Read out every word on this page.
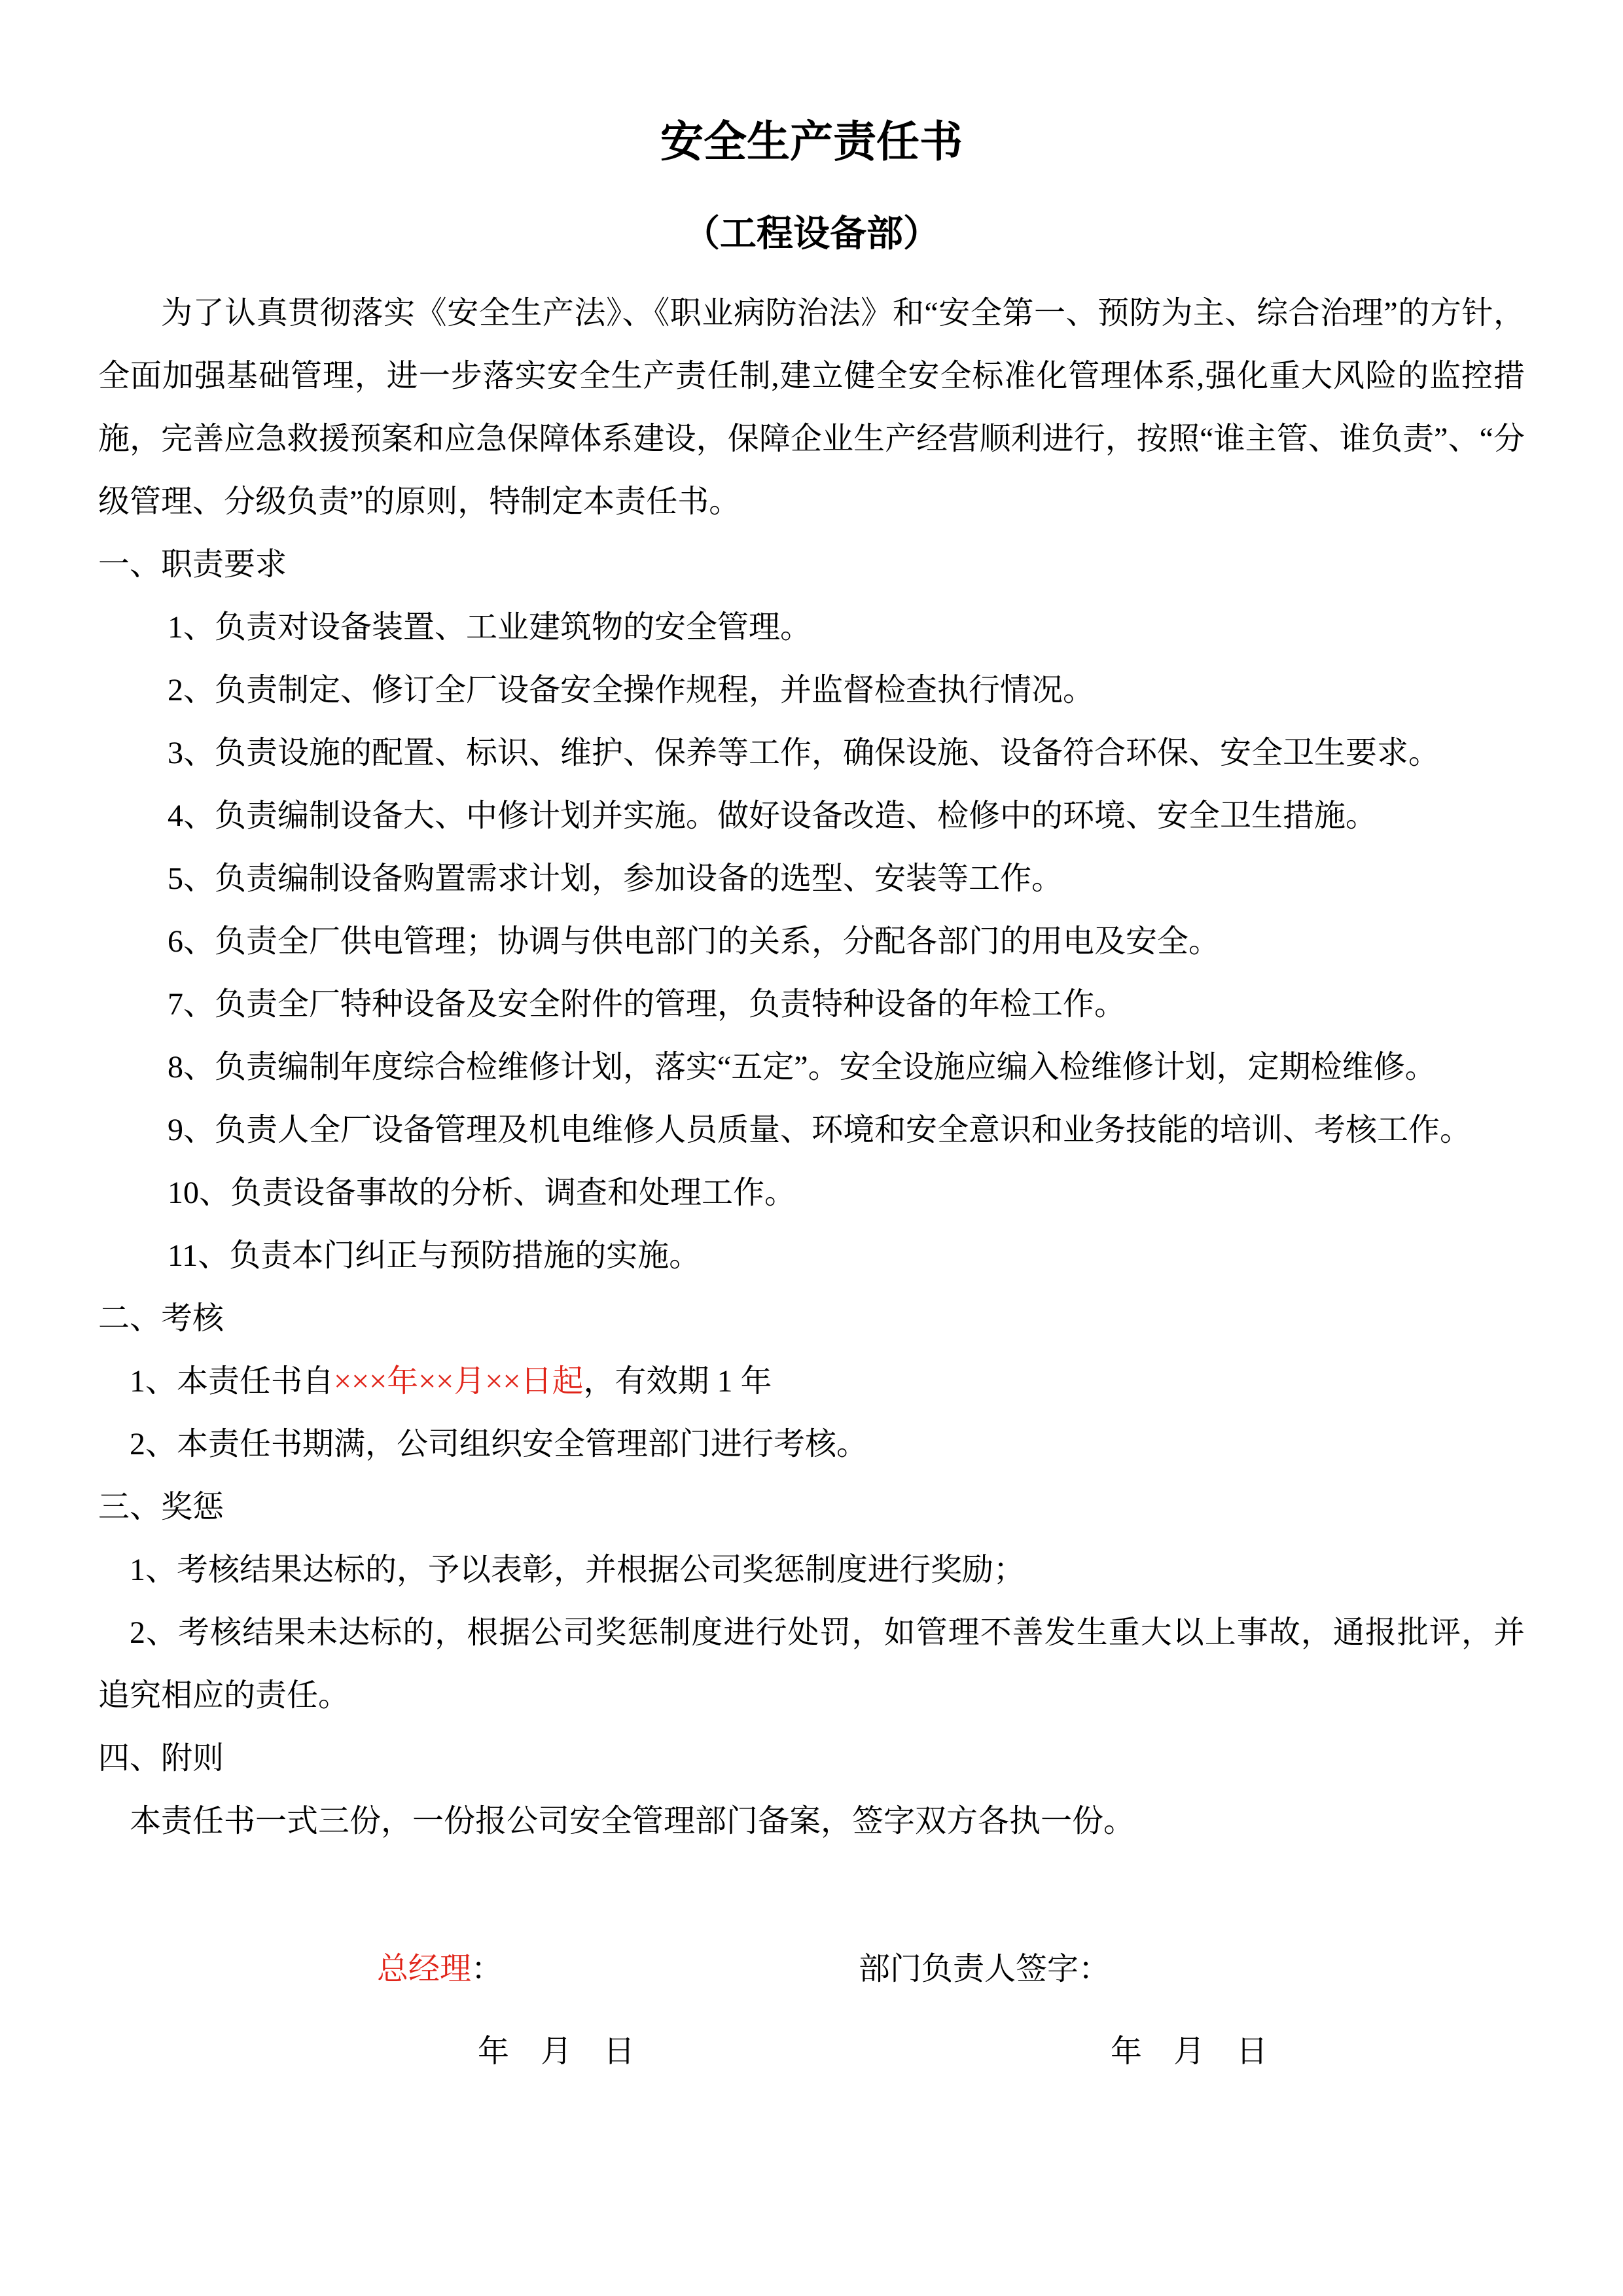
安全生产责任书
（工程设备部）

为了认真贯彻落实《安全生产法》、《职业病防治法》和“安全第一、预防为主、综合治理”的方针，全面加强基础管理，进一步落实安全生产责任制,建立健全安全标准化管理体系,强化重大风险的监控措施，完善应急救援预案和应急保障体系建设，保障企业生产经营顺利进行，按照“谁主管、谁负责”、“分级管理、分级负责”的原则，特制定本责任书。

一、职责要求
1、负责对设备装置、工业建筑物的安全管理。
2、负责制定、修订全厂设备安全操作规程，并监督检查执行情况。
3、负责设施的配置、标识、维护、保养等工作，确保设施、设备符合环保、安全卫生要求。
4、负责编制设备大、中修计划并实施。做好设备改造、检修中的环境、安全卫生措施。
5、负责编制设备购置需求计划，参加设备的选型、安装等工作。
6、负责全厂供电管理；协调与供电部门的关系，分配各部门的用电及安全。
7、负责全厂特种设备及安全附件的管理，负责特种设备的年检工作。
8、负责编制年度综合检维修计划，落实“五定”。安全设施应编入检维修计划，定期检维修。
9、负责人全厂设备管理及机电维修人员质量、环境和安全意识和业务技能的培训、考核工作。
10、负责设备事故的分析、调查和处理工作。
11、负责本门纠正与预防措施的实施。
二、考核
1、本责任书自×××年××月××日起，有效期 1 年
2、本责任书期满，公司组织安全管理部门进行考核。
三、奖惩
1、考核结果达标的，予以表彰，并根据公司奖惩制度进行奖励；
2、考核结果未达标的，根据公司奖惩制度进行处罚，如管理不善发生重大以上事故，通报批评，并追究相应的责任。
四、附则
本责任书一式三份，一份报公司安全管理部门备案，签字双方各执一份。
总经理：	部门负责人签字：
年　月　日	年　月　日
